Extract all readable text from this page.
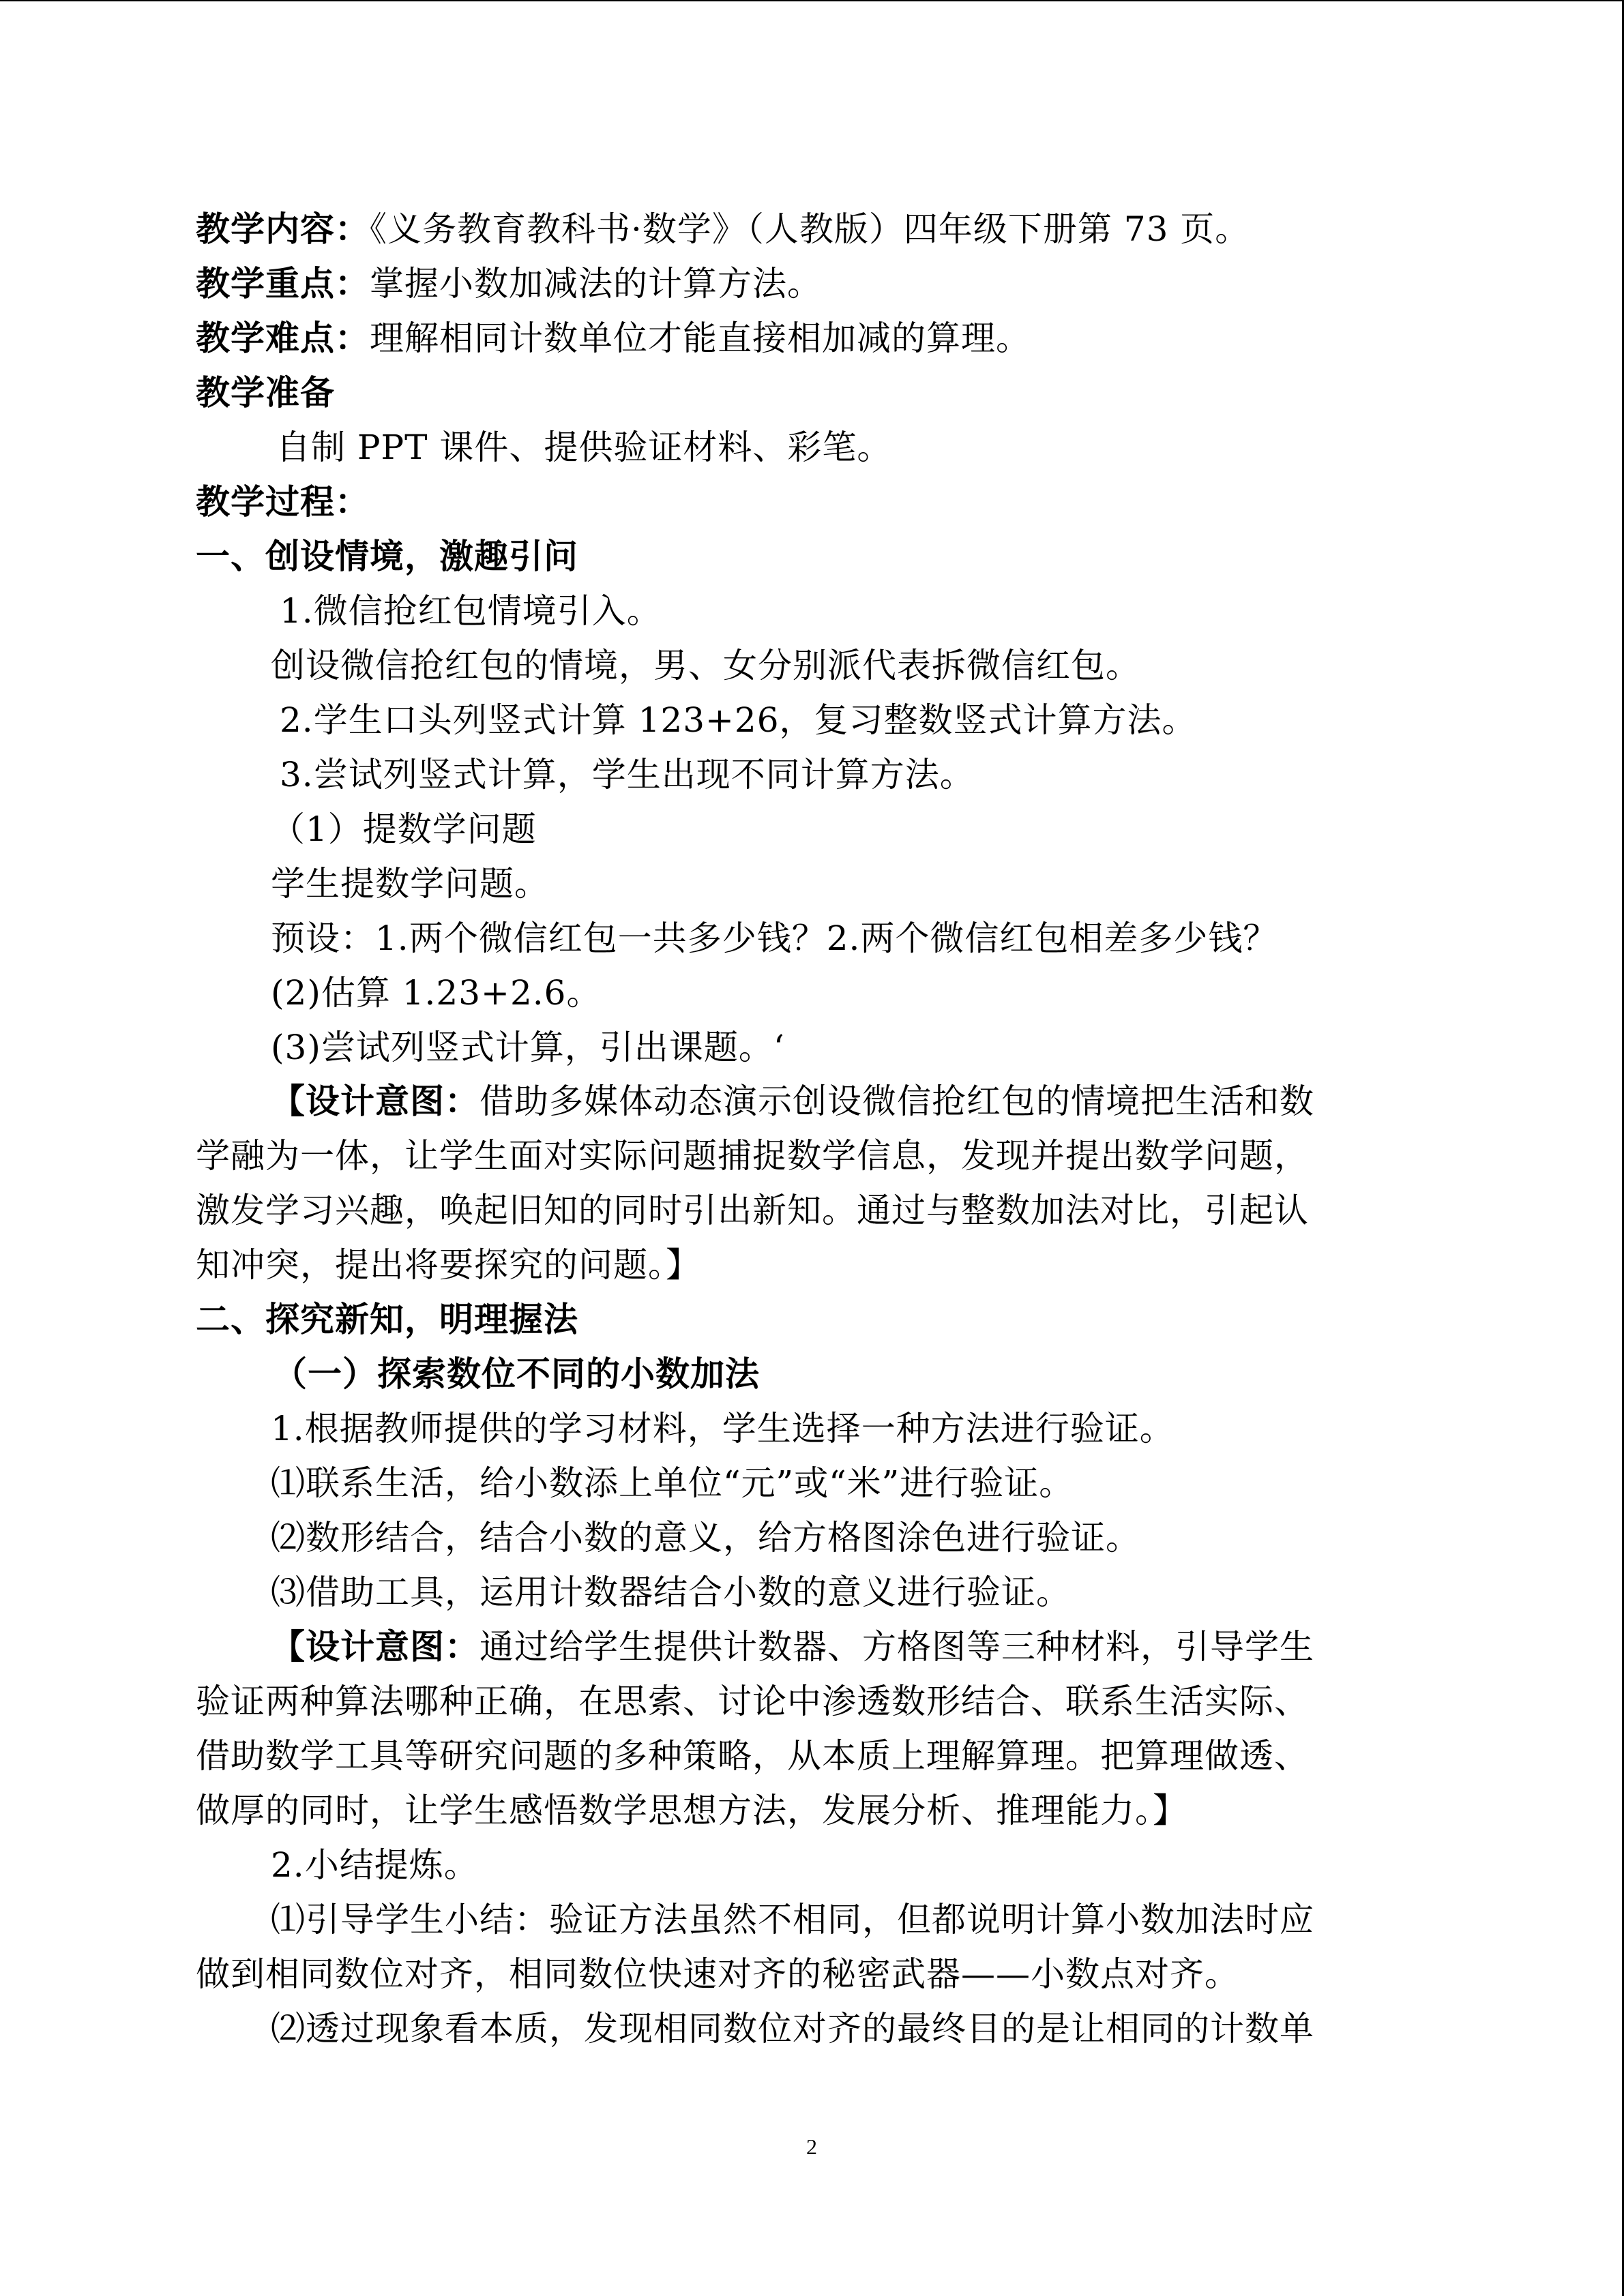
教学内容：《义务教育教科书·数学》（人教版）四年级下册第 73 页。
教学重点：掌握小数加减法的计算方法。
教学难点：理解相同计数单位才能直接相加减的算理。
教学准备
自制 PPT 课件、提供验证材料、彩笔。
教学过程：
一、创设情境，激趣引问
1.微信抢红包情境引入。
创设微信抢红包的情境，男、女分别派代表拆微信红包。
2.学生口头列竖式计算 123+26，复习整数竖式计算方法。
3.尝试列竖式计算，学生出现不同计算方法。
（1）提数学问题
学生提数学问题。
预设：1.两个微信红包一共多少钱？2.两个微信红包相差多少钱？
(2)估算 1.23+2.6。
(3)尝试列竖式计算，引出课题。‘
【设计意图：借助多媒体动态演示创设微信抢红包的情境把生活和数
学融为一体，让学生面对实际问题捕捉数学信息，发现并提出数学问题，
激发学习兴趣，唤起旧知的同时引出新知。通过与整数加法对比，引起认
知冲突，提出将要探究的问题。】
二、探究新知，明理握法
（一）探索数位不同的小数加法
1.根据教师提供的学习材料，学生选择一种方法进行验证。
⑴联系生活，给小数添上单位“元”或“米”进行验证。
⑵数形结合，结合小数的意义，给方格图涂色进行验证。
⑶借助工具，运用计数器结合小数的意义进行验证。
【设计意图：通过给学生提供计数器、方格图等三种材料，引导学生
验证两种算法哪种正确，在思索、讨论中渗透数形结合、联系生活实际、
借助数学工具等研究问题的多种策略，从本质上理解算理。把算理做透、
做厚的同时，让学生感悟数学思想方法，发展分析、推理能力。】
2.小结提炼。
⑴引导学生小结：验证方法虽然不相同，但都说明计算小数加法时应
做到相同数位对齐，相同数位快速对齐的秘密武器——小数点对齐。
⑵透过现象看本质，发现相同数位对齐的最终目的是让相同的计数单
2
